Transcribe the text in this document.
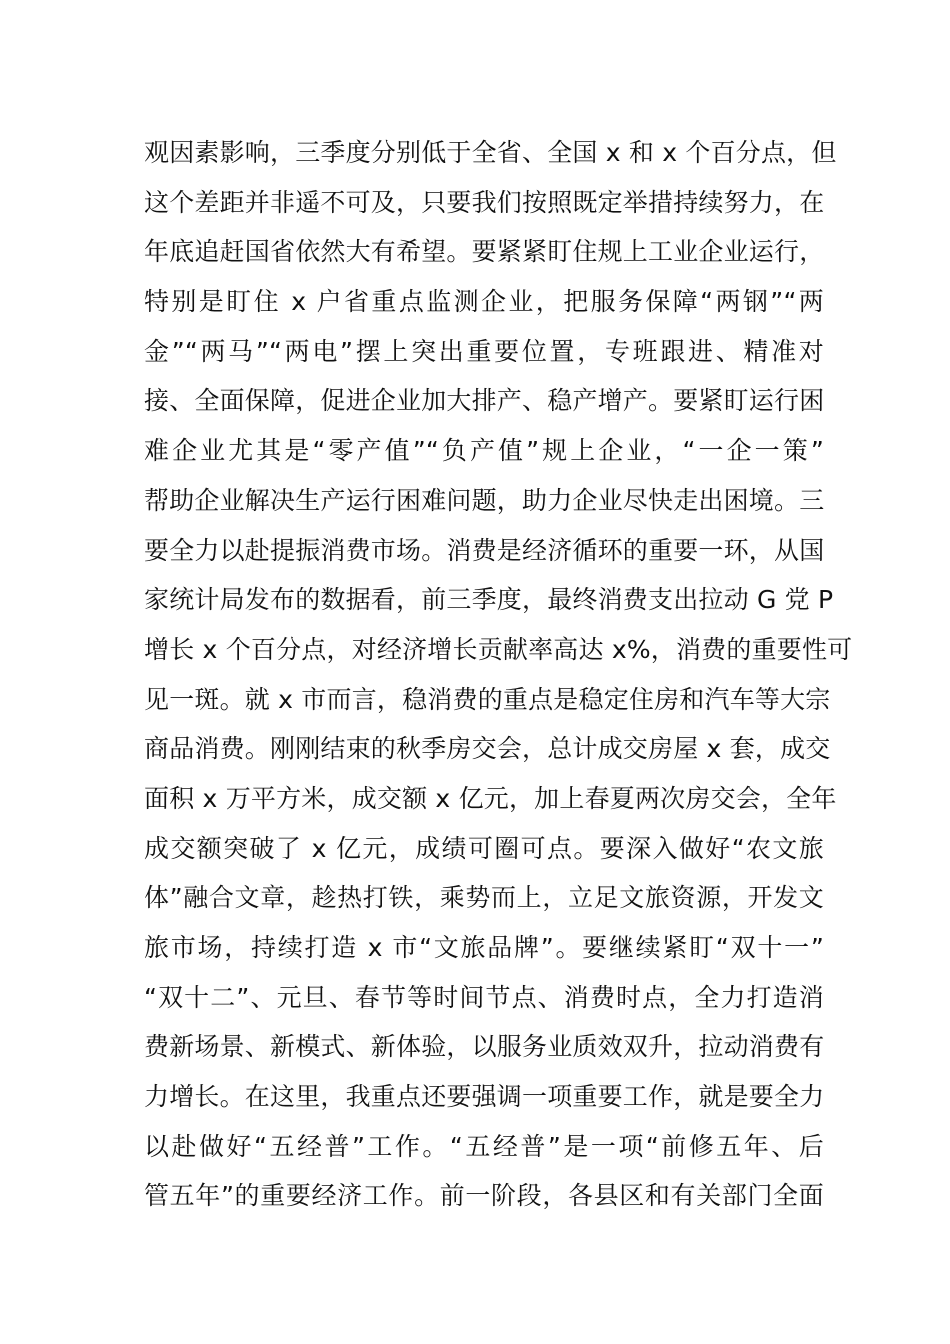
观因素影响，三季度分别低于全省、全国 x 和 x 个百分点，但
这个差距并非遥不可及，只要我们按照既定举措持续努力，在
年底追赶国省依然大有希望。要紧紧盯住规上工业企业运行，
特别是盯住 x 户省重点监测企业，把服务保障“两钢”“两
金”“两马”“两电”摆上突出重要位置，专班跟进、精准对
接、全面保障，促进企业加大排产、稳产增产。要紧盯运行困
难企业尤其是“零产值”“负产值”规上企业，“一企一策”
帮助企业解决生产运行困难问题，助力企业尽快走出困境。三
要全力以赴提振消费市场。消费是经济循环的重要一环，从国
家统计局发布的数据看，前三季度，最终消费支出拉动 G 党 P
增长 x 个百分点，对经济增长贡献率高达 x%，消费的重要性可
见一斑。就 x 市而言，稳消费的重点是稳定住房和汽车等大宗
商品消费。刚刚结束的秋季房交会，总计成交房屋 x 套，成交
面积 x 万平方米，成交额 x 亿元，加上春夏两次房交会，全年
成交额突破了 x 亿元，成绩可圈可点。要深入做好“农文旅
体”融合文章，趁热打铁，乘势而上，立足文旅资源，开发文
旅市场，持续打造 x 市“文旅品牌”。要继续紧盯“双十一”
“双十二”、元旦、春节等时间节点、消费时点，全力打造消
费新场景、新模式、新体验，以服务业质效双升，拉动消费有
力增长。在这里，我重点还要强调一项重要工作，就是要全力
以赴做好“五经普”工作。“五经普”是一项“前修五年、后
管五年”的重要经济工作。前一阶段，各县区和有关部门全面
